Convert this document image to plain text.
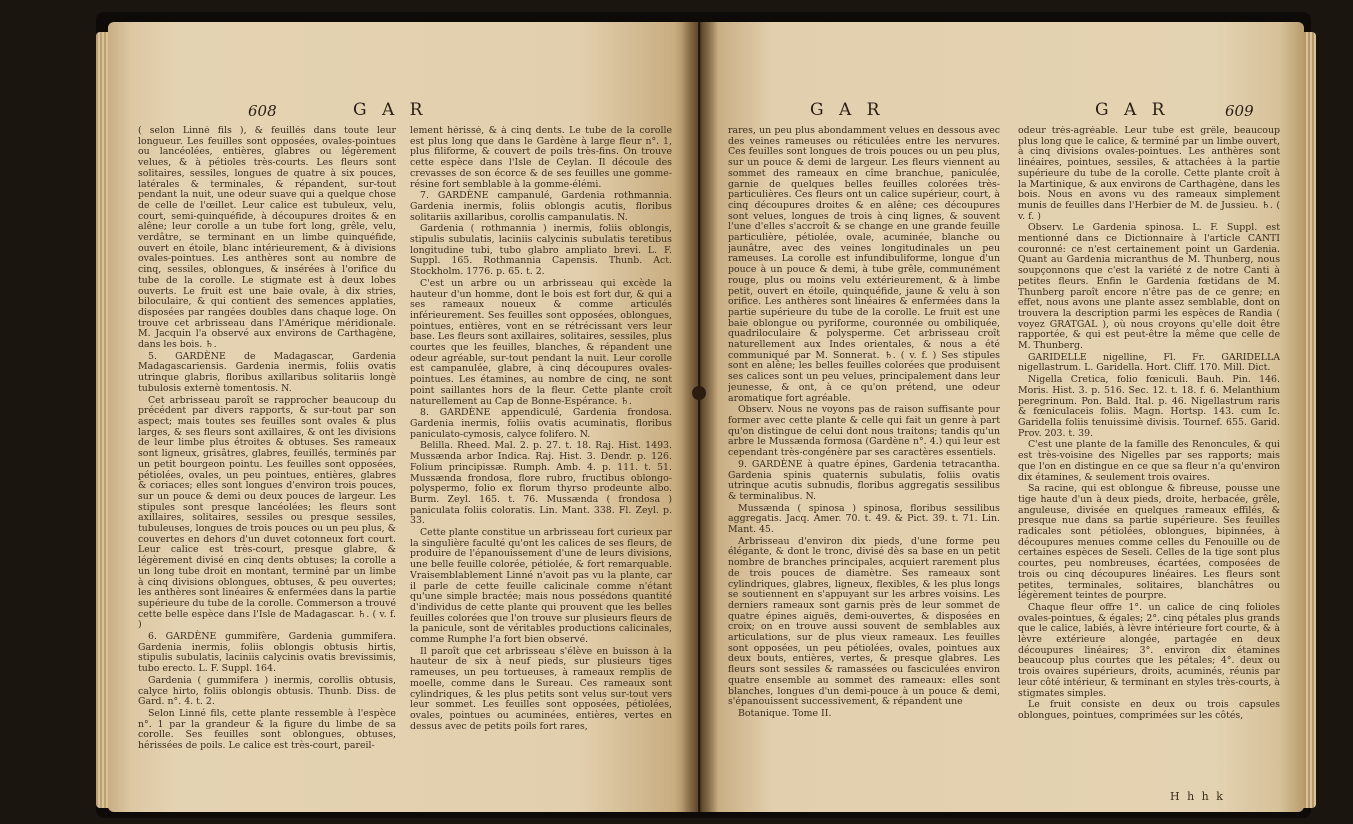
608	G A R

( selon Linné fils ), & feuillés dans toute leur longueur. Les feuilles sont opposées, ovales-pointues ou lancéolées, entières, glabres ou légèrement velues, & à pétioles très-courts. Les fleurs sont solitaires, sessiles, longues de quatre à six pouces, latérales & terminales, & répandent, sur-tout pendant la nuit, une odeur suave qui a quelque chose de celle de l'œillet. Leur calice est tubuleux, velu, court, semi-quinquéfide, à découpures droites & en alêne; leur corolle a un tube fort long, grêle, velu, verdâtre, se terminant en un limbe quinquéfide, ouvert en étoile, blanc intérieurement, & à divisions ovales-pointues. Les anthères sont au nombre de cinq, sessiles, oblongues, & insérées à l'orifice du tube de la corolle. Le stigmate est à deux lobes ouverts. Le fruit est une baie ovale, à dix stries, biloculaire, & qui contient des semences applaties, disposées par rangées doubles dans chaque loge. On trouve cet arbrisseau dans l'Amérique méridionale. M. Jacquin l'a observé aux environs de Carthagène, dans les bois. ♄.

5. GARDÈNE de Madagascar, Gardenia Madagascariensis. Gardenia inermis, foliis ovatis utrinque glabris, floribus axillaribus solitariis longè tubulosis externè tomentosis. N.

Cet arbrisseau paroît se rapprocher beaucoup du précédent par divers rapports, & sur-tout par son aspect; mais toutes ses feuilles sont ovales & plus larges, & ses fleurs sont axillaires, & ont les divisions de leur limbe plus étroites & obtuses. Ses rameaux sont ligneux, grisâtres, glabres, feuillés, terminés par un petit bourgeon pointu. Les feuilles sont opposées, pétiolées, ovales, un peu pointues, entières, glabres & coriaces; elles sont longues d'environ trois pouces, sur un pouce & demi ou deux pouces de largeur. Les stipules sont presque lancéolées; les fleurs sont axillaires, solitaires, sessiles ou presque sessiles, tubuleuses, longues de trois pouces ou un peu plus, & couvertes en dehors d'un duvet cotonneux fort court. Leur calice est très-court, presque glabre, & légèrement divisé en cinq dents obtuses; la corolle a un long tube droit en montant, terminé par un limbe à cinq divisions oblongues, obtuses, & peu ouvertes; les anthères sont linéaires & enfermées dans la partie supérieure du tube de la corolle. Commerson a trouvé cette belle espèce dans l'Isle de Madagascar. ♄. ( v. f. )

6. GARDÈNE gummifère, Gardenia gummifera. Gardenia inermis, foliis oblongis obtusis hirtis, stipulis subulatis, laciniis calycinis ovatis brevissimis, tubo erecto. L. F. Suppl. 164.

Gardenia ( gummifera ) inermis, corollis obtusis, calyce hirto, foliis oblongis obtusis. Thunb. Diss. de Gard. n°. 4. t. 2.

Selon Linné fils, cette plante ressemble à l'espèce n°. 1 par la grandeur & la figure du limbe de sa corolle. Ses feuilles sont oblongues, obtuses, hérissées de poils. Le calice est très-court, pareil-

lement hérissé, & à cinq dents. Le tube de la corolle est plus long que dans le Gardène à large fleur n°. 1, plus filiforme, & couvert de poils très-fins. On trouve cette espèce dans l'Isle de Ceylan. Il découle des crevasses de son écorce & de ses feuilles une gomme-résine fort semblable à la gomme-élémi.

7. GARDÈNE campanulé, Gardenia rothmannia. Gardenia inermis, foliis oblongis acutis, floribus solitariis axillaribus, corollis campanulatis. N.

Gardenia ( rothmannia ) inermis, foliis oblongis, stipulis subulatis, laciniis calycinis subulatis teretibus longitudine tubi, tubo glabro ampliato brevi. L. F. Suppl. 165. Rothmannia Capensis. Thunb. Act. Stockholm. 1776. p. 65. t. 2.

C'est un arbre ou un arbrisseau qui excède la hauteur d'un homme, dont le bois est fort dur, & qui a ses rameaux noueux & comme articulés inférieurement. Ses feuilles sont opposées, oblongues, pointues, entières, vont en se rétrécissant vers leur base. Les fleurs sont axillaires, solitaires, sessiles, plus courtes que les feuilles, blanches, & répandent une odeur agréable, sur-tout pendant la nuit. Leur corolle est campanulée, glabre, à cinq découpures ovales-pointues. Les étamines, au nombre de cinq, ne sont point saillantes hors de la fleur. Cette plante croît naturellement au Cap de Bonne-Espérance. ♄.

8. GARDÈNE appendiculé, Gardenia frondosa. Gardenia inermis, foliis ovatis acuminatis, floribus paniculato-cymosis, calyce folifero. N.

Belilla. Rheed. Mal. 2. p. 27. t. 18. Raj. Hist. 1493. Mussænda arbor Indica. Raj. Hist. 3. Dendr. p. 126. Folium principissæ. Rumph. Amb. 4. p. 111. t. 51. Mussænda frondosa, flore rubro, fructibus oblongo-polyspermo, folio ex florum thyrso prodeunte albo. Burm. Zeyl. 165. t. 76. Mussænda ( frondosa ) paniculata foliis coloratis. Lin. Mant. 338. Fl. Zeyl. p. 33.

Cette plante constitue un arbrisseau fort curieux par la singulière faculté qu'ont les calices de ses fleurs, de produire de l'épanouissement d'une de leurs divisions, une belle feuille colorée, pétiolée, & fort remarquable. Vraisemblablement Linné n'avoit pas vu la plante, car il parle de cette feuille calicinale comme n'étant qu'une simple bractée; mais nous possédons quantité d'individus de cette plante qui prouvent que les belles feuilles colorées que l'on trouve sur plusieurs fleurs de la panicule, sont de véritables productions calicinales, comme Rumphe l'a fort bien observé.

Il paroît que cet arbrisseau s'élève en buisson à la hauteur de six à neuf pieds, sur plusieurs tiges rameuses, un peu tortueuses, à rameaux remplis de moelle, comme dans le Sureau. Ces rameaux sont cylindriques, & les plus petits sont velus sur-tout vers leur sommet. Les feuilles sont opposées, pétiolées, ovales, pointues ou acuminées, entières, vertes en dessus avec de petits poils fort rares,

G A R	G A R	609

rares, un peu plus abondamment velues en dessous avec des veines rameuses ou réticulées entre les nervures. Ces feuilles sont longues de trois pouces ou un peu plus, sur un pouce & demi de largeur. Les fleurs viennent au sommet des rameaux en cîme branchue, paniculée, garnie de quelques belles feuilles colorées très-particulières. Ces fleurs ont un calice supérieur, court, à cinq découpures droites & en alêne; ces découpures sont velues, longues de trois à cinq lignes, & souvent l'une d'elles s'accroît & se change en une grande feuille particulière, pétiolée, ovale, acuminée, blanche ou jaunâtre, avec des veines longitudinales un peu rameuses. La corolle est infundibuliforme, longue d'un pouce à un pouce & demi, à tube grêle, communément rouge, plus ou moins velu extérieurement, & à limbe petit, ouvert en étoile, quinquéfide, jaune & velu à son orifice. Les anthères sont linéaires & enfermées dans la partie supérieure du tube de la corolle. Le fruit est une baie oblongue ou pyriforme, couronnée ou ombiliquée, quadriloculaire & polysperme. Cet arbrisseau croît naturellement aux Indes orientales, & nous a été communiqué par M. Sonnerat. ♄. ( v. f. ) Ses stipules sont en alêne; les belles feuilles colorées que produisent ses calices sont un peu velues, principalement dans leur jeunesse, & ont, à ce qu'on prétend, une odeur aromatique fort agréable.

Observ. Nous ne voyons pas de raison suffisante pour former avec cette plante & celle qui fait un genre à part qu'on distingue de celui dont nous traitons; tandis qu'un arbre le Mussænda formosa (Gardène n°. 4.) qui leur est cependant très-congénère par ses caractères essentiels.

9. GARDÈNE à quatre épines, Gardenia tetracantha. Gardenia spinis quaternis subulatis, foliis ovatis utrinque acutis subnudis, floribus aggregatis sessilibus & terminalibus. N.

Mussænda ( spinosa ) spinosa, floribus sessilibus aggregatis. Jacq. Amer. 70. t. 49. & Pict. 39. t. 71. Lin. Mant. 45.

Arbrisseau d'environ dix pieds, d'une forme peu élégante, & dont le tronc, divisé dès sa base en un petit nombre de branches principales, acquiert rarement plus de trois pouces de diamètre. Ses rameaux sont cylindriques, glabres, ligneux, flexibles, & les plus longs se soutiennent en s'appuyant sur les arbres voisins. Les derniers rameaux sont garnis près de leur sommet de quatre épines aiguës, demi-ouvertes, & disposées en croix; on en trouve aussi souvent de semblables aux articulations, sur de plus vieux rameaux. Les feuilles sont opposées, un peu pétiolées, ovales, pointues aux deux bouts, entières, vertes, & presque glabres. Les fleurs sont sessiles & ramassées ou fasciculées environ quatre ensemble au sommet des rameaux: elles sont blanches, longues d'un demi-pouce à un pouce & demi, s'épanouissent successivement, & répandent une

Botanique. Tome II.

odeur très-agréable. Leur tube est grêle, beaucoup plus long que le calice, & terminé par un limbe ouvert, à cinq divisions ovales-pointues. Les anthères sont linéaires, pointues, sessiles, & attachées à la partie supérieure du tube de la corolle. Cette plante croît à la Martinique, & aux environs de Carthagène, dans les bois. Nous en avons vu des rameaux simplement munis de feuilles dans l'Herbier de M. de Jussieu. ♄. ( v. f. )

Observ. Le Gardenia spinosa. L. F. Suppl. est mentionné dans ce Dictionnaire à l'article CANTI couronné: ce n'est certainement point un Gardenia. Quant au Gardenia micranthus de M. Thunberg, nous soupçonnons que c'est la variété z de notre Canti à petites fleurs. Enfin le Gardenia fœtidans de M. Thunberg paroît encore n'être pas de ce genre; en effet, nous avons une plante assez semblable, dont on trouvera la description parmi les espèces de Randia ( voyez GRATGAL ), où nous croyons qu'elle doit être rapportée, & qui est peut-être la même que celle de M. Thunberg.

GARIDELLE nigelline, Fl. Fr. GARIDELLA nigellastrum. L. Garidella. Hort. Cliff. 170. Mill. Dict.

Nigella Cretica, folio fœniculi. Bauh. Pin. 146. Moris. Hist. 3. p. 516. Sec. 12. t. 18. f. 6. Melanthium peregrinum. Pon. Bald. Ital. p. 46. Nigellastrum raris & fœniculaceis foliis. Magn. Hortsp. 143. cum Ic. Garidella foliis tenuissimè divisis. Tournef. 655. Garid. Prov. 203. t. 39.

C'est une plante de la famille des Renoncules, & qui est très-voisine des Nigelles par ses rapports; mais que l'on en distingue en ce que sa fleur n'a qu'environ dix étamines, & seulement trois ovaires.

Sa racine, qui est oblongue & fibreuse, pousse une tige haute d'un à deux pieds, droite, herbacée, grêle, anguleuse, divisée en quelques rameaux effilés, & presque nue dans sa partie supérieure. Ses feuilles radicales sont pétiolées, oblongues, bipinnées, à découpures menues comme celles du Fenouille ou de certaines espèces de Seseli. Celles de la tige sont plus courtes, peu nombreuses, écartées, composées de trois ou cinq découpures linéaires. Les fleurs sont petites, terminales, solitaires, blanchâtres ou légèrement teintes de pourpre.

Chaque fleur offre 1°. un calice de cinq folioles ovales-pointues, & égales; 2°. cinq pétales plus grands que le calice, labiés, à lèvre intérieure fort courte, & à lèvre extérieure alongée, partagée en deux découpures linéaires; 3°. environ dix étamines beaucoup plus courtes que les pétales; 4°. deux ou trois ovaires supérieurs, droits, acuminés, réunis par leur côté intérieur, & terminant en styles très-courts, à stigmates simples.

Le fruit consiste en deux ou trois capsules oblongues, pointues, comprimées sur les côtés,

H h h k
